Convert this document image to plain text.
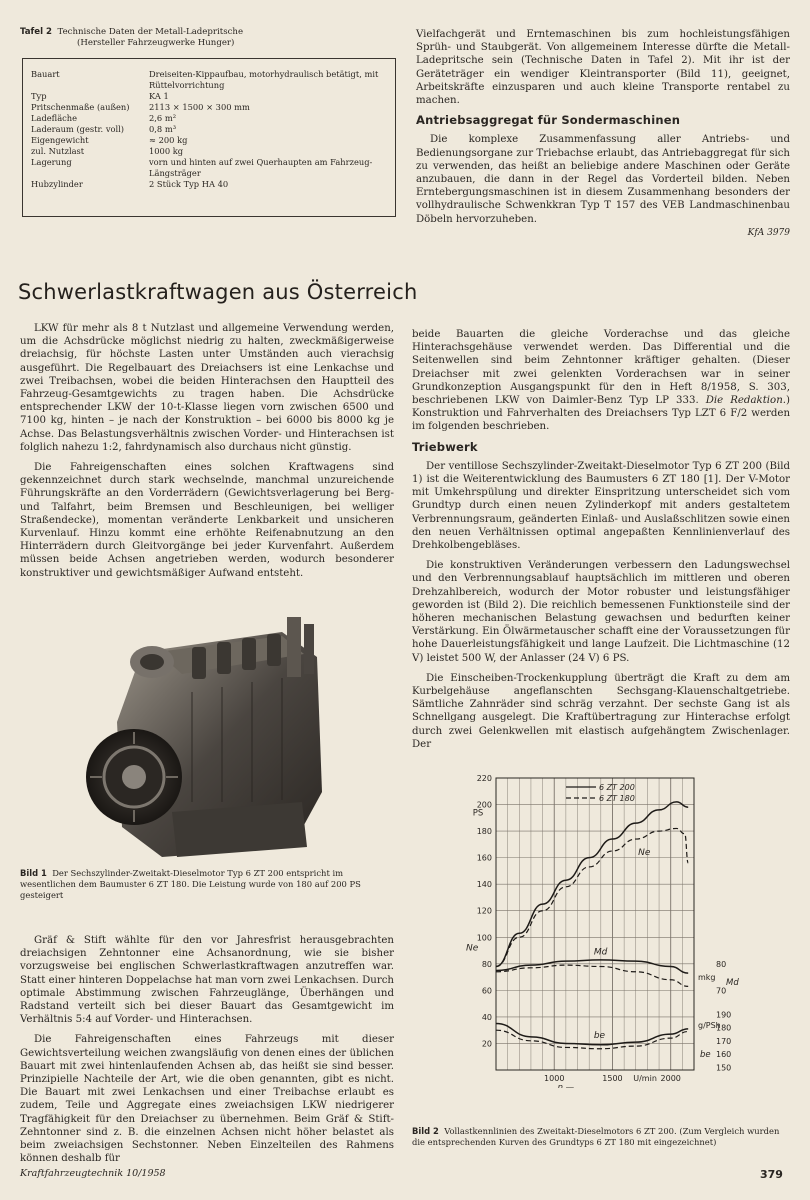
Tafel 2 Technische Daten der Metall-Ladepritsche
(Hersteller Fahrzeugwerke Hunger)
Bauart	Dreiseiten-Kippaufbau, motorhydraulisch betätigt, mit Rüttelvorrichtung
Typ	KA 1
Pritschenmaße (außen)	2113 × 1500 × 300 mm
Ladefläche	2,6 m²
Laderaum (gestr. voll)	0,8 m³
Eigengewicht	≈ 200 kg
zul. Nutzlast	1000 kg
Lagerung	vorn und hinten auf zwei Querhaupten am Fahrzeug-Längsträger
Hubzylinder	2 Stück Typ HA 40

Vielfachgerät und Erntemaschinen bis zum hochleistungsfähigen Sprüh- und Staubgerät. Von allgemeinem Interesse dürfte die Metall-Ladepritsche sein (Technische Daten in Tafel 2). Mit ihr ist der Geräteträger ein wendiger Kleintransporter (Bild 11), geeignet, Arbeitskräfte einzusparen und auch kleine Transporte rentabel zu machen.

Antriebsaggregat für Sondermaschinen

Die komplexe Zusammenfassung aller Antriebs- und Bedienungsorgane zur Triebachse erlaubt, das Antriebaggregat für sich zu verwenden, das heißt an beliebige andere Maschinen oder Geräte anzubauen, die dann in der Regel das Vorderteil bilden. Neben Erntebergungsmaschinen ist in diesem Zusammenhang besonders der vollhydraulische Schwenkkran Typ T 157 des VEB Landmaschinenbau Döbeln hervorzuheben.

KfA 3979
Schwerlastkraftwagen aus Österreich

LKW für mehr als 8 t Nutzlast und allgemeine Verwendung werden, um die Achsdrücke möglichst niedrig zu halten, zweckmäßigerweise dreiachsig, für höchste Lasten unter Umständen auch vierachsig ausgeführt. Die Regelbauart des Dreiachsers ist eine Lenkachse und zwei Treibachsen, wobei die beiden Hinterachsen den Hauptteil des Fahrzeug-Gesamtgewichts zu tragen haben. Die Achsdrücke entsprechender LKW der 10-t-Klasse liegen vorn zwischen 6500 und 7100 kg, hinten – je nach der Konstruktion – bei 6000 bis 8000 kg je Achse. Das Belastungsverhältnis zwischen Vorder- und Hinterachsen ist folglich nahezu 1:2, fahrdynamisch also durchaus nicht günstig.

Die Fahreigenschaften eines solchen Kraftwagens sind gekennzeichnet durch stark wechselnde, manchmal unzureichende Führungskräfte an den Vorderrädern (Gewichtsverlagerung bei Berg- und Talfahrt, beim Bremsen und Beschleunigen, bei welliger Straßendecke), momentan veränderte Lenkbarkeit und unsicheren Kurvenlauf. Hinzu kommt eine erhöhte Reifenabnutzung an den Hinterrädern durch Gleitvorgänge bei jeder Kurvenfahrt. Außerdem müssen beide Achsen angetrieben werden, wodurch besonderer konstruktiver und gewichtsmäßiger Aufwand entsteht.

Bild 1 Der Sechszylinder-Zweitakt-Dieselmotor Typ 6 ZT 200 entspricht im wesentlichen dem Baumuster 6 ZT 180. Die Leistung wurde von 180 auf 200 PS gesteigert

Gräf & Stift wählte für den vor Jahresfrist herausgebrachten dreiachsigen Zehntonner eine Achsanordnung, wie sie bisher vorzugsweise bei englischen Schwerlastkraftwagen anzutreffen war. Statt einer hinteren Doppelachse hat man vorn zwei Lenkachsen. Durch optimale Abstimmung zwischen Fahrzeuglänge, Überhängen und Radstand verteilt sich bei dieser Bauart das Gesamtgewicht im Verhältnis 5:4 auf Vorder- und Hinterachsen.

Die Fahreigenschaften eines Fahrzeugs mit dieser Gewichtsverteilung weichen zwangsläufig von denen eines der üblichen Bauart mit zwei hintenlaufenden Achsen ab, das heißt sie sind besser. Prinzipielle Nachteile der Art, wie die oben genannten, gibt es nicht. Die Bauart mit zwei Lenkachsen und einer Treibachse erlaubt es zudem, Teile und Aggregate eines zweiachsigen LKW niedrigerer Tragfähigkeit für den Dreiachser zu übernehmen. Beim Gräf & Stift-Zehntonner sind z. B. die einzelnen Achsen nicht höher belastet als beim zweiachsigen Sechstonner. Neben Einzelteilen des Rahmens können deshalb für

beide Bauarten die gleiche Vorderachse und das gleiche Hinterachsgehäuse verwendet werden. Das Differential und die Seitenwellen sind beim Zehntonner kräftiger gehalten. (Dieser Dreiachser mit zwei gelenkten Vorderachsen war in seiner Grundkonzeption Ausgangspunkt für den in Heft 8/1958, S. 303, beschriebenen LKW von Daimler-Benz Typ LP 333. Die Redaktion.) Konstruktion und Fahrverhalten des Dreiachsers Typ LZT 6 F/2 werden im folgenden beschrieben.

Triebwerk

Der ventillose Sechszylinder-Zweitakt-Dieselmotor Typ 6 ZT 200 (Bild 1) ist die Weiterentwicklung des Baumusters 6 ZT 180 [1]. Der V-Motor mit Umkehrspülung und direkter Einspritzung unterscheidet sich vom Grundtyp durch einen neuen Zylinderkopf mit anders gestaltetem Verbrennungsraum, geänderten Einlaß- und Auslaßschlitzen sowie einen den neuen Verhältnissen optimal angepaßten Kennlinienverlauf des Drehkolbengebläses.

Die konstruktiven Veränderungen verbessern den Ladungswechsel und den Verbrennungsablauf hauptsächlich im mittleren und oberen Drehzahlbereich, wodurch der Motor robuster und leistungsfähiger geworden ist (Bild 2). Die reichlich bemessenen Funktionsteile sind der höheren mechanischen Belastung gewachsen und bedurften keiner Verstärkung. Ein Ölwärmetauscher schafft eine der Voraussetzungen für hohe Dauerleistungsfähigkeit und lange Laufzeit. Die Lichtmaschine (12 V) leistet 500 W, der Anlasser (24 V) 6 PS.

Die Einscheiben-Trockenkupplung überträgt die Kraft zu dem am Kurbelgehäuse angeflanschten Sechsgang-Klauenschaltgetriebe. Sämtliche Zahnräder sind schräg verzahnt. Der sechste Gang ist als Schnellgang ausgelegt. Die Kraftübertragung zur Hinterachse erfolgt durch zwei Gelenkwellen mit elastisch aufgehängtem Zwischenlager. Der

20
40
60
80
100
120
140
160
180
200
220
PS
Ne
1000	1500	2000
U/min
n —
70
80
mkg
Md
150
160
170
180
190
g/PSh
be
Ne
Md
be
6 ZT 200
6 ZT 180
Bild 2 Vollastkennlinien des Zweitakt-Dieselmotors 6 ZT 200. (Zum Vergleich wurden die entsprechenden Kurven des Grundtyps 6 ZT 180 mit eingezeichnet)
Kraftfahrzeugtechnik 10/1958	379
